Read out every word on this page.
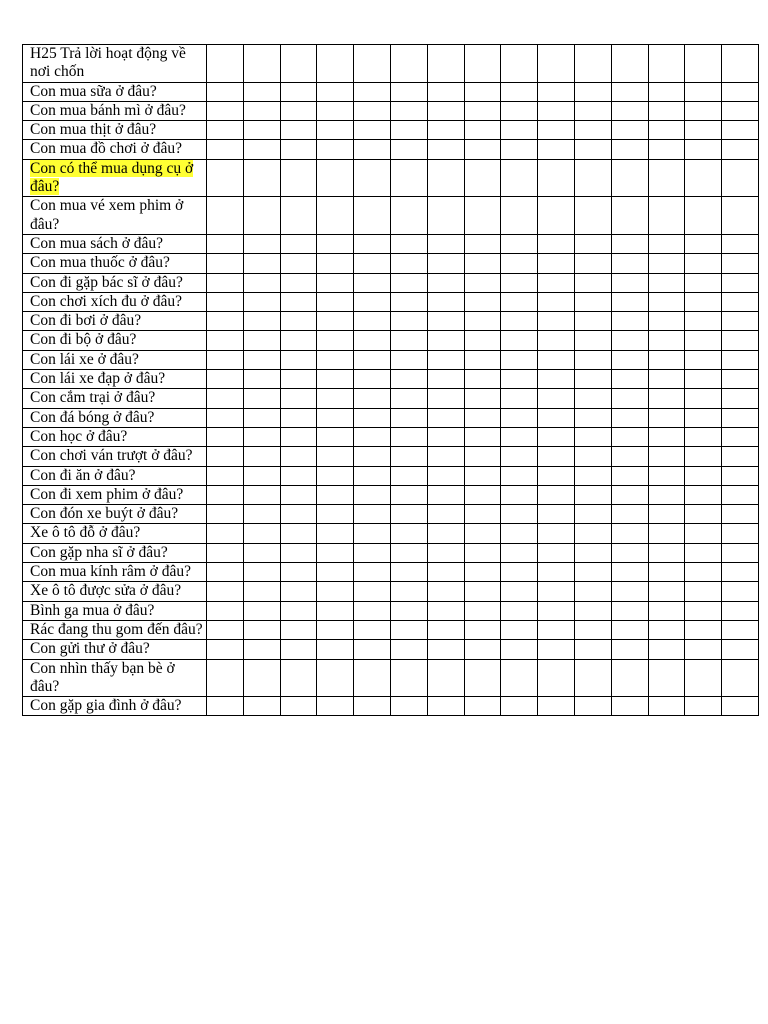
H25 Trả lời hoạt động về nơi chốn															
Con mua sữa ở đâu?															
Con mua bánh mì ở đâu?															
Con mua thịt ở đâu?															
Con mua đồ chơi ở đâu?															
Con có thể mua dụng cụ ở đâu?															
Con mua vé xem phim ở đâu?															
Con mua sách ở đâu?															
Con mua thuốc ở đâu?															
Con đi gặp bác sĩ ở đâu?															
Con chơi xích đu ở đâu?															
Con đi bơi ở đâu?															
Con đi bộ ở đâu?															
Con lái xe ở đâu?															
Con lái xe đạp ở đâu?															
Con cắm trại ở đâu?															
Con đá bóng ở đâu?															
Con học ở đâu?															
Con chơi ván trượt ở đâu?															
Con đi ăn ở đâu?															
Con đi xem phim ở đâu?															
Con đón xe buýt ở đâu?															
Xe ô tô đỗ ở đâu?															
Con gặp nha sĩ ở đâu?															
Con mua kính râm ở đâu?															
Xe ô tô được sửa ở đâu?															
Bình ga mua ở đâu?															
Rác đang thu gom đến đâu?															
Con gửi thư ở đâu?															
Con nhìn thấy bạn bè ở đâu?															
Con gặp gia đình ở đâu?															
